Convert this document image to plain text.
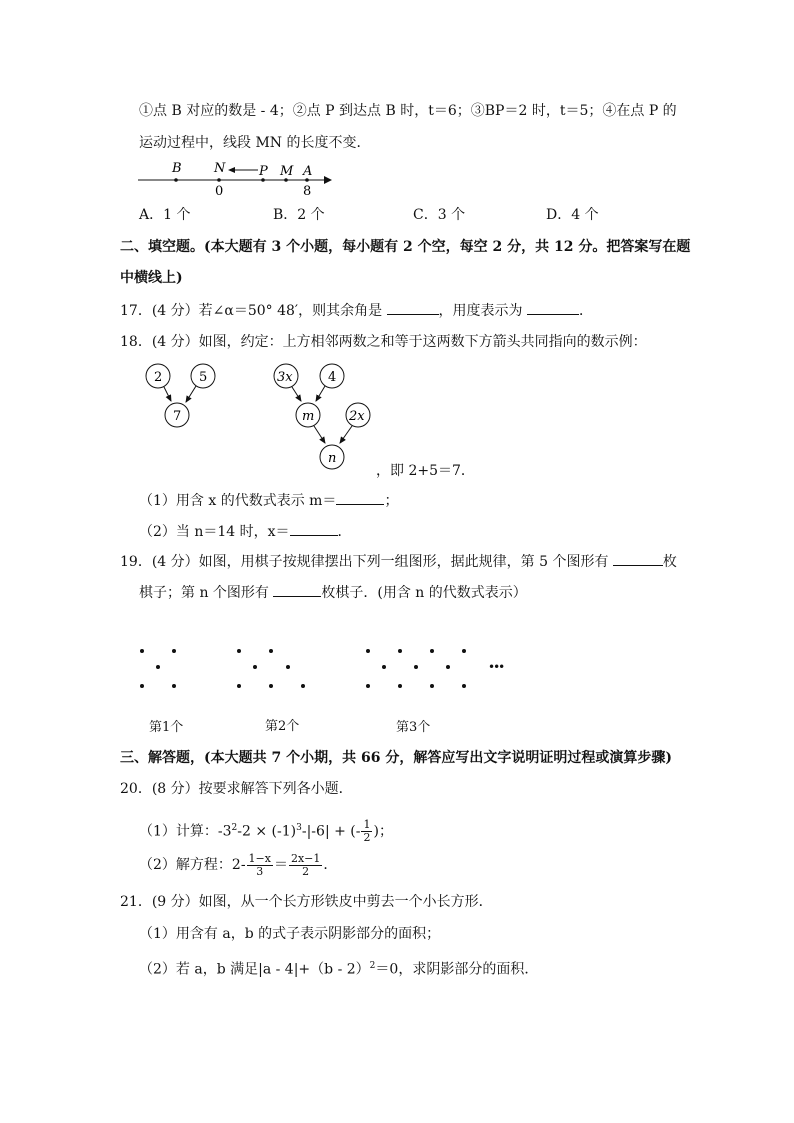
①点 B 对应的数是 - 4；②点 P 到达点 B 时，t＝6；③BP＝2 时，t＝5；④在点 P 的
运动过程中，线段 MN 的长度不变．
B N	P M A
0	8
A．1 个	B．2 个	C．3 个	D．4 个
二、填空题。(本大题有 3 个小题，每小题有 2 个空，每空 2 分，共 12 分。把答案写在题
中横线上)
17．(4 分）若∠α＝50° 48′，则其余角是	，用度表示为	．
18．(4 分）如图，约定：上方相邻两数之和等于这两数下方箭头共同指向的数示例：
2	5
7
3x	4
m	2x
n
，即 2+5＝7．
（1）用含 x 的代数式表示 m＝	；
（2）当 n＝14 时，x＝	．
19．(4 分）如图，用棋子按规律摆出下列一组图形，据此规律，第 5 个图形有	枚
棋子；第 n 个图形有	枚棋子．(用含 n 的代数式表示）
•••
第1个	第2个	第3个
三、解答题，(本大题共 7 个小期，共 66 分，解答应写出文字说明证明过程或演算步骤)
20．(8 分）按要求解答下列各小题．
（1）计算：$-3^2-2 \times (-1)^3-|-6|$ + (- $\frac{1}{2}$ )；
（2）解方程：$2- \frac{1-x}{3} = \frac{2x-1}{2}$ ．
21．(9 分）如图，从一个长方形铁皮中剪去一个小长方形．
（1）用含有 a，b 的式子表示阴影部分的面积；
（2）若 a，b 满足|a - 4|+（b - 2）$^2$＝0，求阴影部分的面积．
